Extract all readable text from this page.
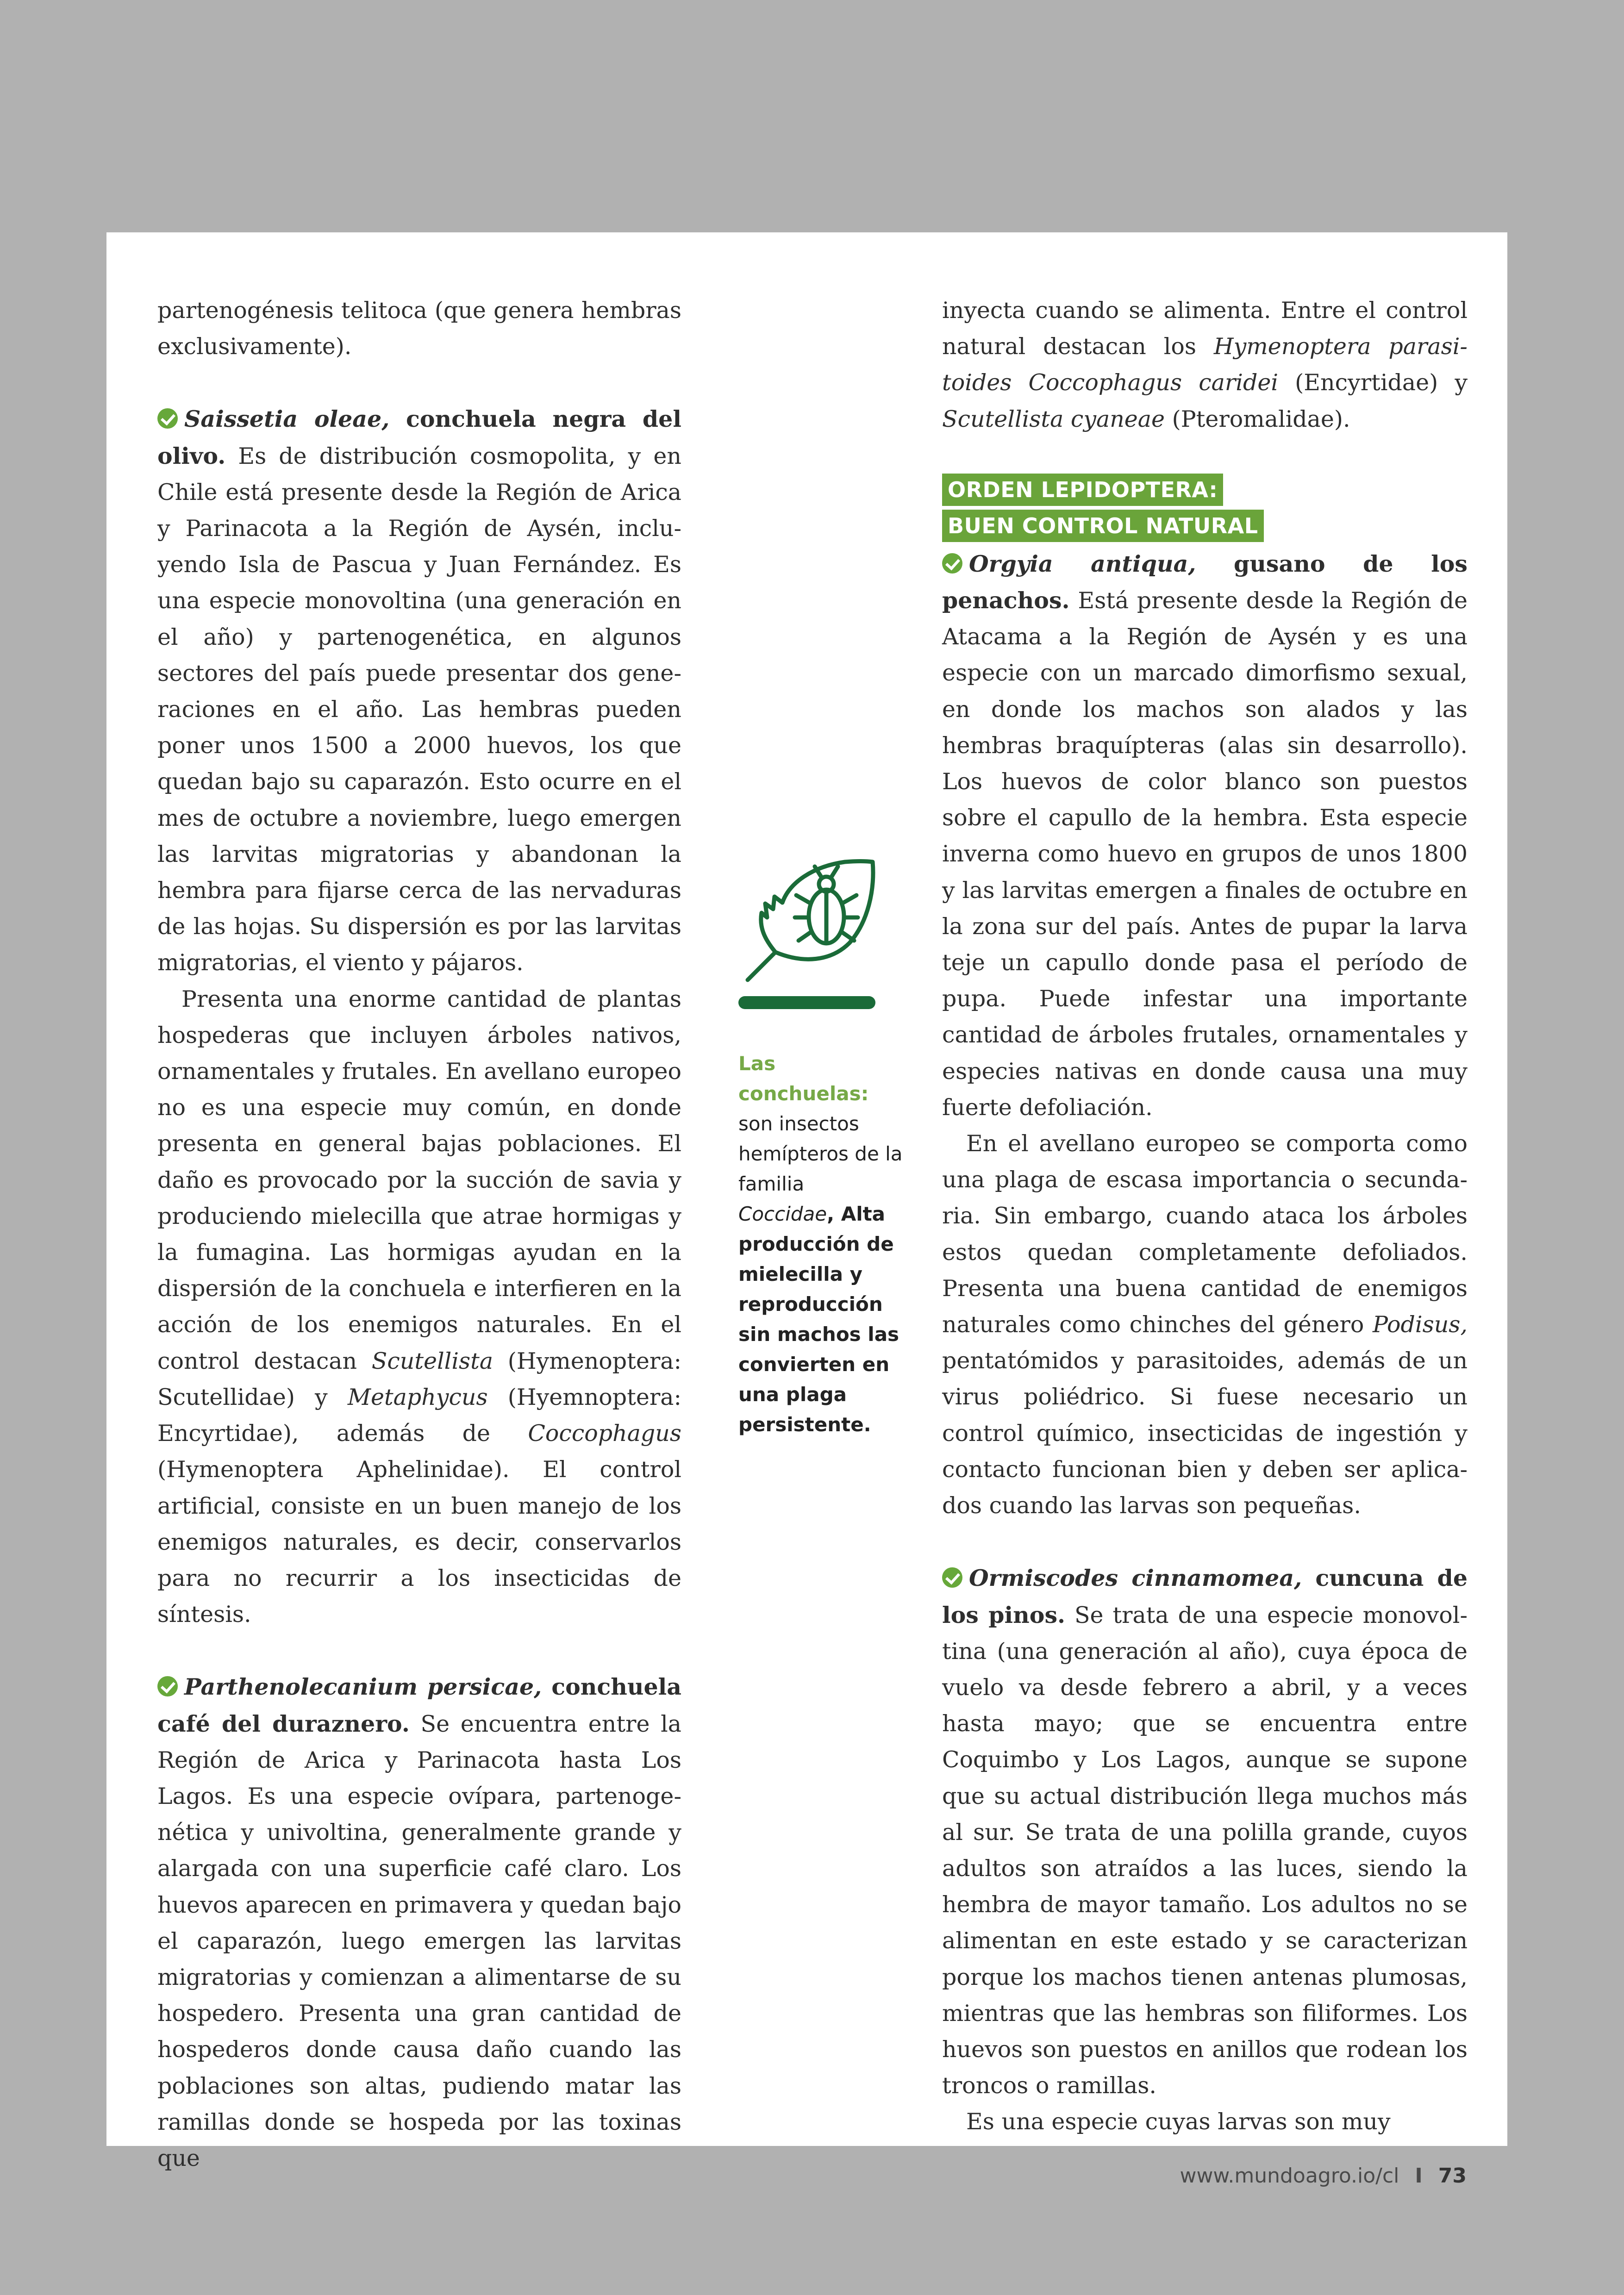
partenogénesis telitoca (que genera hembras exclusivamente).

Saissetia oleae, conchuela negra del olivo. Es de distribución cosmopolita, y en Chile está presente desde la Región de Arica y Parinacota a la Región de Aysén, incluyendo Isla de Pascua y Juan Fernández. Es una especie monovoltina (una generación en el año) y partenogenética, en algunos sectores del país puede presentar dos generaciones en el año. Las hembras pueden poner unos 1500 a 2000 huevos, los que quedan bajo su caparazón. Esto ocurre en el mes de octubre a noviembre, luego emergen las larvitas migratorias y abandonan la hembra para fijarse cerca de las nervaduras de las hojas. Su dispersión es por las larvitas migratorias, el viento y pájaros.

Presenta una enorme cantidad de plantas hospederas que incluyen árboles nativos, ornamentales y frutales. En avellano europeo no es una especie muy común, en donde presenta en general bajas poblaciones. El daño es provocado por la succión de savia y produciendo mielecilla que atrae hormigas y la fumagina. Las hormigas ayudan en la dispersión de la conchuela e interfieren en la acción de los enemigos naturales. En el control destacan Scutellista (Hymenoptera: Scutellidae) y Metaphycus (Hyemnoptera: Encyrtidae), además de Coccophagus (Hymenoptera Aphelinidae). El control artificial, consiste en un buen manejo de los enemigos naturales, es decir, conservarlos para no recurrir a los insecticidas de síntesis.

Parthenolecanium persicae, conchuela café del duraznero. Se encuentra entre la Región de Arica y Parinacota hasta Los Lagos. Es una especie ovípara, partenogenética y univoltina, generalmente grande y alargada con una superficie café claro. Los huevos aparecen en primavera y quedan bajo el caparazón, luego emergen las larvitas migratorias y comienzan a alimentarse de su hospedero. Presenta una gran cantidad de hospederos donde causa daño cuando las poblaciones son altas, pudiendo matar las ramillas donde se hospeda por las toxinas que

Las conchuelas: son insectos hemípteros de la familia Coccidae, Alta producción de mielecilla y reproducción sin machos las convierten en una plaga persistente.

inyecta cuando se alimenta. Entre el control natural destacan los Hymenoptera parasitoides Coccophagus caridei (Encyrtidae) y Scutellista cyaneae (Pteromalidae).

ORDEN LEPIDOPTERA:
BUEN CONTROL NATURAL

Orgyia antiqua, gusano de los penachos. Está presente desde la Región de Atacama a la Región de Aysén y es una especie con un marcado dimorfismo sexual, en donde los machos son alados y las hembras braquípteras (alas sin desarrollo). Los huevos de color blanco son puestos sobre el capullo de la hembra. Esta especie inverna como huevo en grupos de unos 1800 y las larvitas emergen a finales de octubre en la zona sur del país. Antes de pupar la larva teje un capullo donde pasa el período de pupa. Puede infestar una importante cantidad de árboles frutales, ornamentales y especies nativas en donde causa una muy fuerte defoliación.

En el avellano europeo se comporta como una plaga de escasa importancia o secundaria. Sin embargo, cuando ataca los árboles estos quedan completamente defoliados. Presenta una buena cantidad de enemigos naturales como chinches del género Podisus, pentatómidos y parasitoides, además de un virus poliédrico. Si fuese necesario un control químico, insecticidas de ingestión y contacto funcionan bien y deben ser aplicados cuando las larvas son pequeñas.

Ormiscodes cinnamomea, cuncuna de los pinos. Se trata de una especie monovoltina (una generación al año), cuya época de vuelo va desde febrero a abril, y a veces hasta mayo; que se encuentra entre Coquimbo y Los Lagos, aunque se supone que su actual distribución llega muchos más al sur. Se trata de una polilla grande, cuyos adultos son atraídos a las luces, siendo la hembra de mayor tamaño. Los adultos no se alimentan en este estado y se caracterizan porque los machos tienen antenas plumosas, mientras que las hembras son filiformes. Los huevos son puestos en anillos que rodean los troncos o ramillas.

Es una especie cuyas larvas son muy

www.mundoagro.io/cl I 73
